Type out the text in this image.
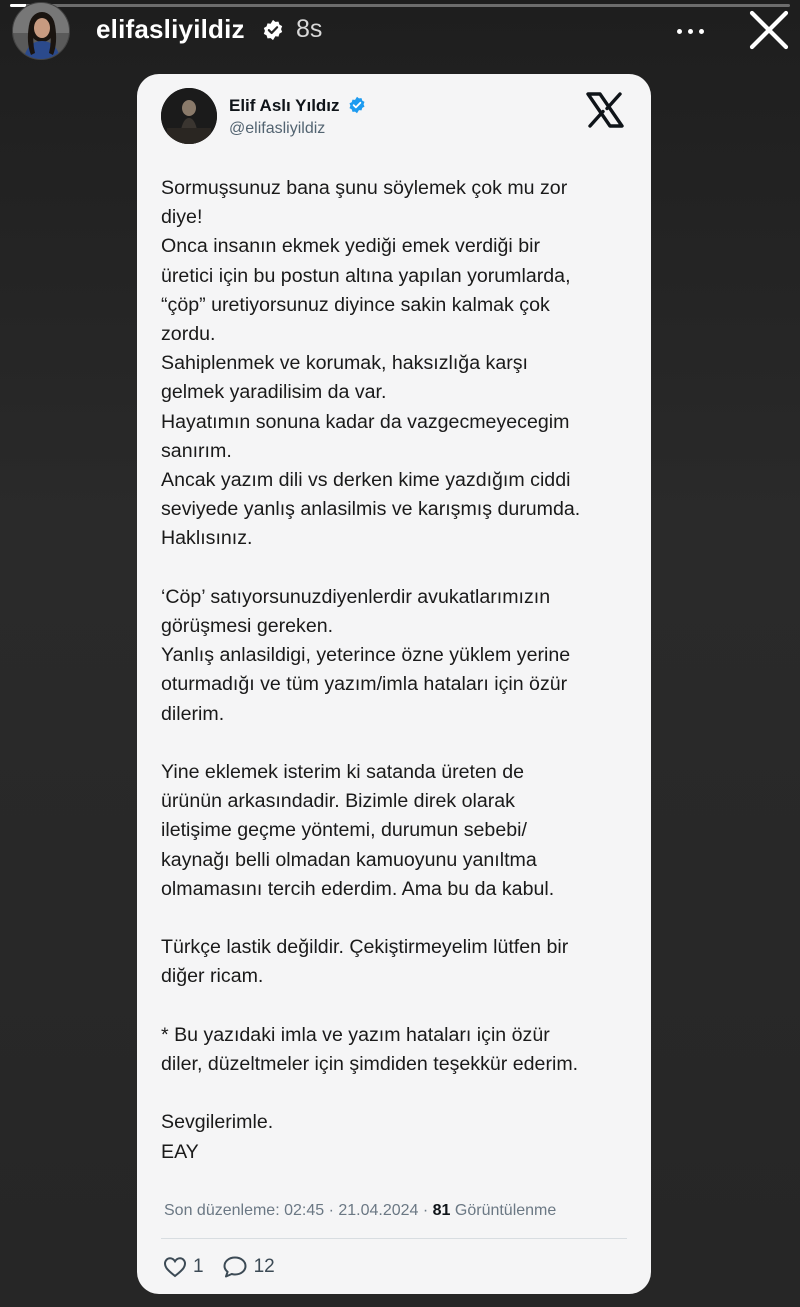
elifasliyildiz 8s
Elif Aslı Yıldız
@elifasliyildiz
Sormuşsunuz bana şunu söylemek çok mu zor
diye!
Onca insanın ekmek yediği emek verdiği bir
üretici için bu postun altına yapılan yorumlarda,
“çöp” uretiyorsunuz diyince sakin kalmak çok
zordu.
Sahiplenmek ve korumak, haksızlığa karşı
gelmek yaradilisim da var.
Hayatımın sonuna kadar da vazgecmeyecegim
sanırım.
Ancak yazım dili vs derken kime yazdığım ciddi
seviyede yanlış anlasilmis ve karışmış durumda.
Haklısınız.
‘Cöp’ satıyorsunuzdiyenlerdir avukatlarımızın
görüşmesi gereken.
Yanlış anlasildigi, yeterince özne yüklem yerine
oturmadığı ve tüm yazım/imla hataları için özür
dilerim.
Yine eklemek isterim ki satanda üreten de
ürünün arkasındadir. Bizimle direk olarak
iletişime geçme yöntemi, durumun sebebi/
kaynağı belli olmadan kamuoyunu yanıltma
olmamasını tercih ederdim. Ama bu da kabul.
Türkçe lastik değildir. Çekiştirmeyelim lütfen bir
diğer ricam.
* Bu yazıdaki imla ve yazım hataları için özür
diler, düzeltmeler için şimdiden teşekkür ederim.
Sevgilerimle.
EAY
Son düzenleme: 02:45 · 21.04.2024 · 81 Görüntülenme
1	12
